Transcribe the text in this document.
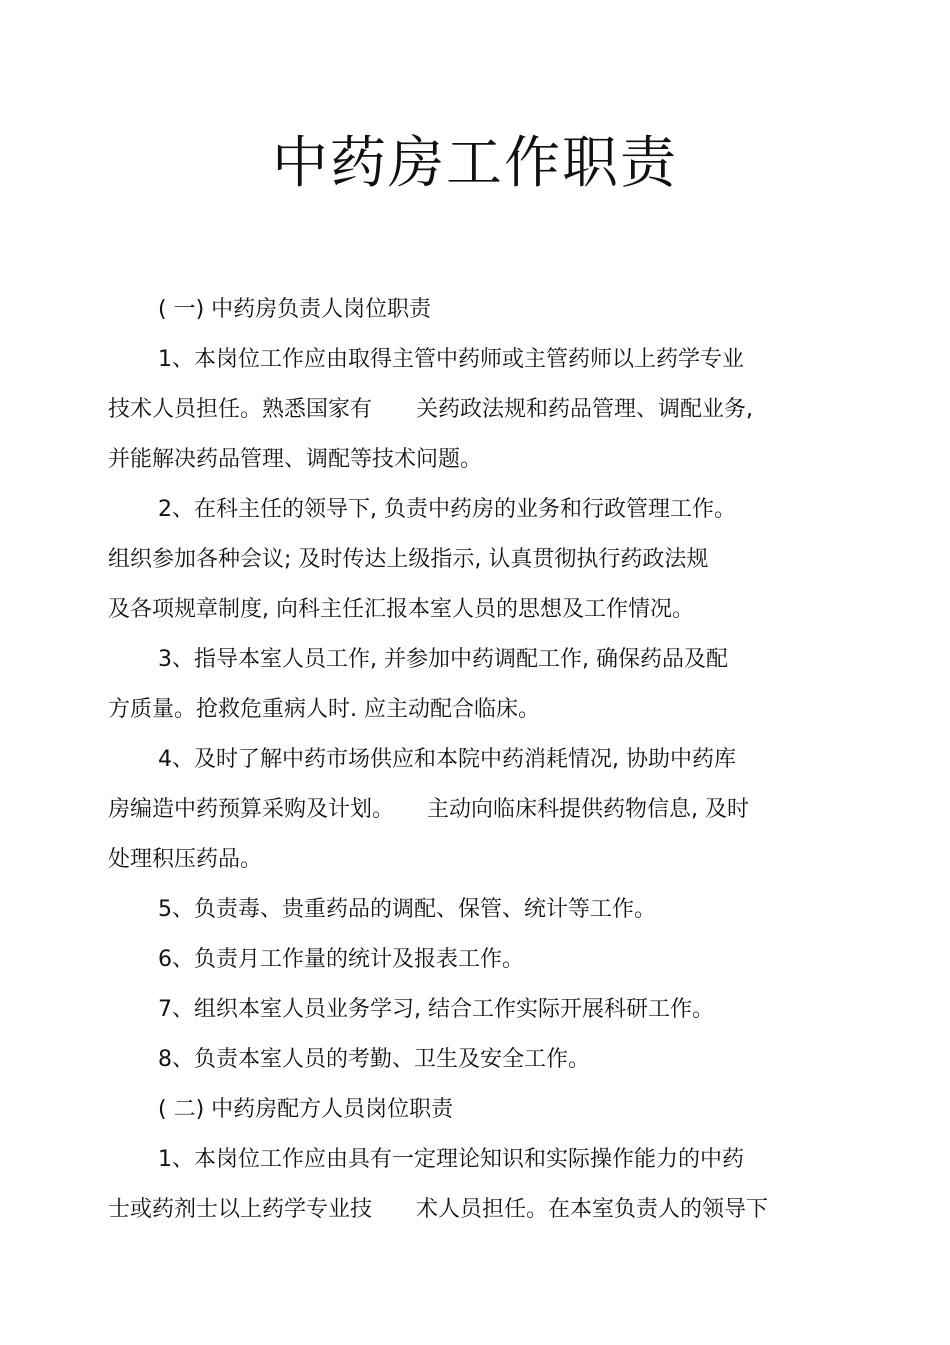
中药房工作职责
( 一) 中药房负责人岗位职责
1、本岗位工作应由取得主管中药师或主管药师以上药学专业
技术人员担任。熟悉国家有　　关药政法规和药品管理、调配业务,
并能解决药品管理、调配等技术问题。
2、在科主任的领导下, 负责中药房的业务和行政管理工作。
组织参加各种会议; 及时传达上级指示, 认真贯彻执行药政法规
及各项规章制度, 向科主任汇报本室人员的思想及工作情况。
3、指导本室人员工作, 并参加中药调配工作, 确保药品及配
方质量。抢救危重病人时. 应主动配合临床。
4、及时了解中药市场供应和本院中药消耗情况, 协助中药库
房编造中药预算采购及计划。　　主动向临床科提供药物信息, 及时
处理积压药品。
5、负责毒、贵重药品的调配、保管、统计等工作。
6、负责月工作量的统计及报表工作。
7、组织本室人员业务学习, 结合工作实际开展科研工作。
8、负责本室人员的考勤、卫生及安全工作。
( 二) 中药房配方人员岗位职责
1、本岗位工作应由具有一定理论知识和实际操作能力的中药
士或药剂士以上药学专业技　　术人员担任。在本室负责人的领导下
